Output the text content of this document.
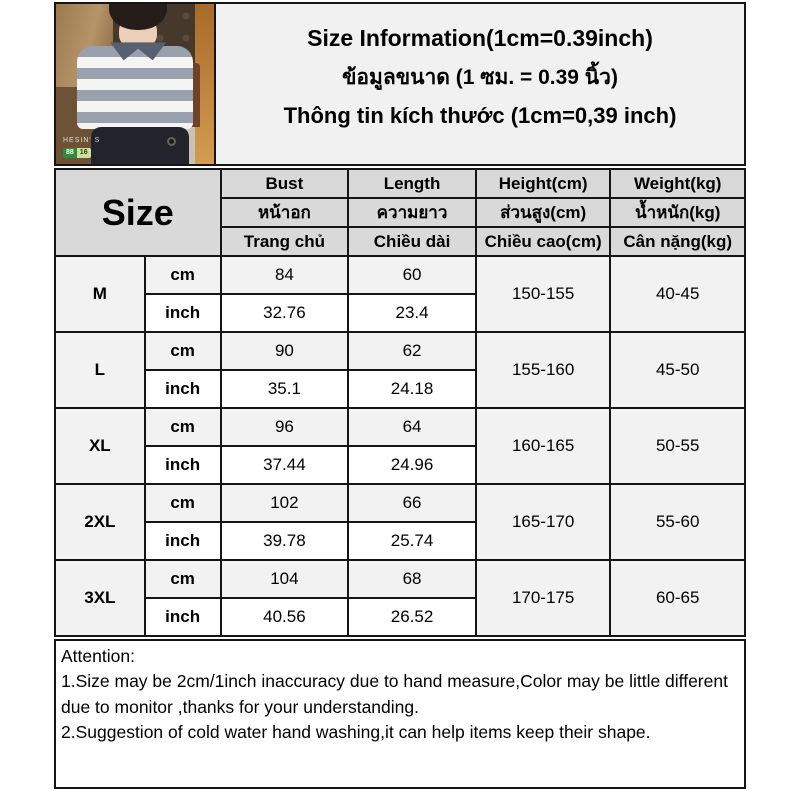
HESIN' S
88 16
Size Information(1cm=0.39inch)
ข้อมูลขนาด (1 ซม. = 0.39 นิ้ว)
Thông tin kích thước (1cm=0,39 inch)
Size		Bust	Length	Height(cm)	Weight(kg)
		หน้าอก	ความยาว	ส่วนสูง(cm)	น้ำหนัก(kg)
		Trang chủ	Chiều dài	Chiều cao(cm)	Cân nặng(kg)
M	cm	84	60	150-155	40-45
	inch	32.76	23.4		
L	cm	90	62	155-160	45-50
	inch	35.1	24.18		
XL	cm	96	64	160-165	50-55
	inch	37.44	24.96		
2XL	cm	102	66	165-170	55-60
	inch	39.78	25.74		
3XL	cm	104	68	170-175	60-65
	inch	40.56	26.52		
Attention:
1.Size may be 2cm/1inch inaccuracy due to hand measure,Color may be little different due to monitor ,thanks for your understanding.
2.Suggestion of cold water hand washing,it can help items keep their shape.
